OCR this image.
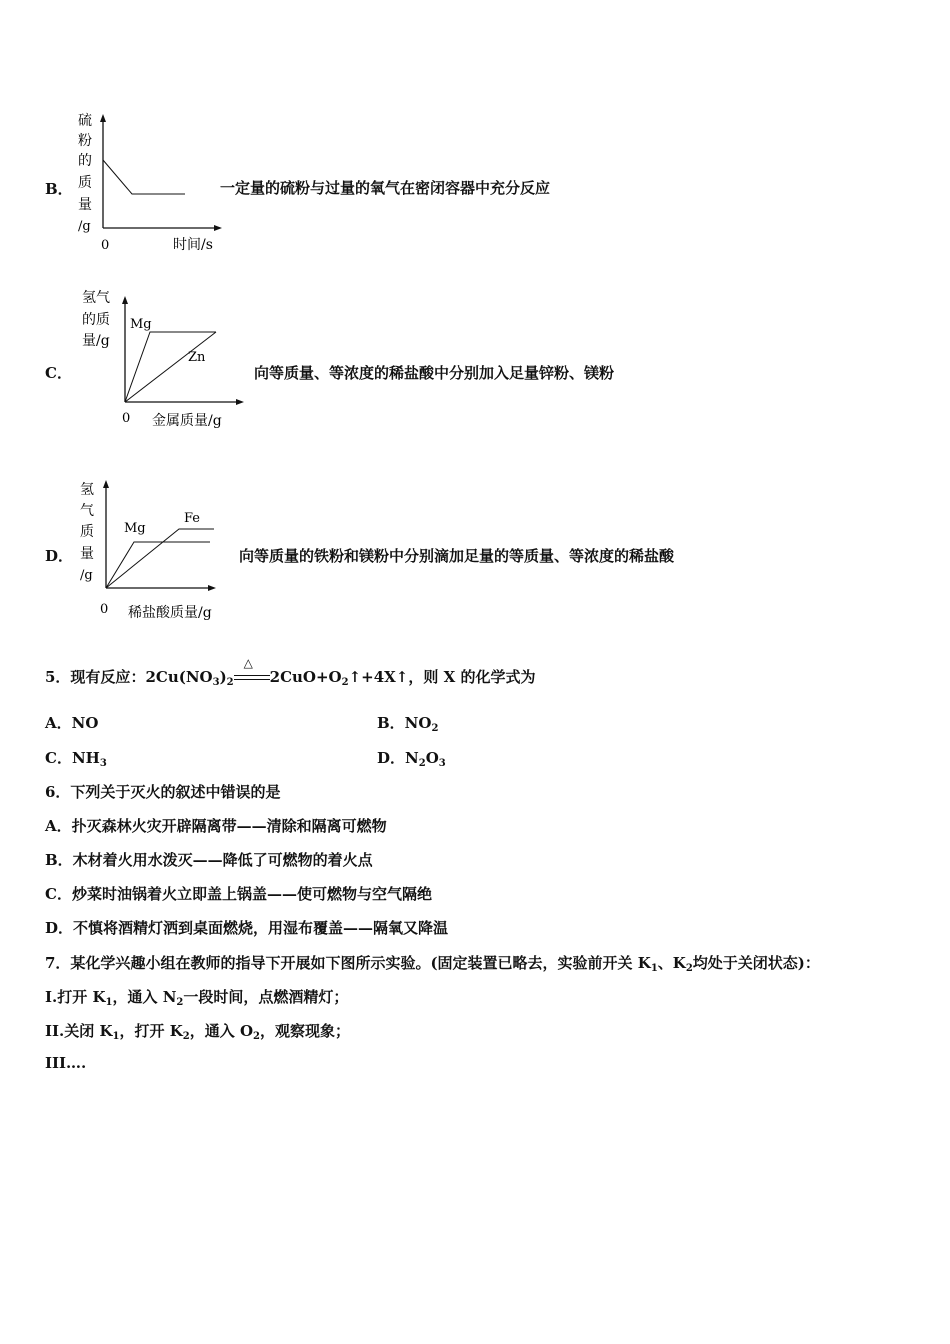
B．
硫
粉
的
质
量
/g
0	时间/s
一定量的硫粉与过量的氧气在密闭容器中充分反应
C．
氢气
的质
量/g
Mg
Zn
0 金属质量/g
向等质量、等浓度的稀盐酸中分别加入足量锌粉、镁粉
D．
氢
气
质
量
/g
Mg
Fe
0 稀盐酸质量/g
向等质量的铁粉和镁粉中分别滴加足量的等质量、等浓度的稀盐酸
5．现有反应：$2Cu(NO_3)_2$
△
$2CuO+O_2↑+4X↑$，则 X 的化学式为
A．NO	B．$NO_2$
C．$NH_3$	D．$N_2O_3$
6．下列关于灭火的叙述中错误的是
A．扑灭森林火灾开辟隔离带——清除和隔离可燃物
B．木材着火用水泼灭——降低了可燃物的着火点
C．炒菜时油锅着火立即盖上锅盖——使可燃物与空气隔绝
D．不慎将酒精灯洒到桌面燃烧，用湿布覆盖——隔氧又降温
7．某化学兴趣小组在教师的指导下开展如下图所示实验。(固定装置已略去，实验前开关 $K_1$、$K_2$均处于关闭状态)：
I.打开 $K_1$，通入 $N_2$一段时间，点燃酒精灯；
II.关闭 $K_1$，打开 $K_2$，通入 $O_2$，观察现象；
III….
